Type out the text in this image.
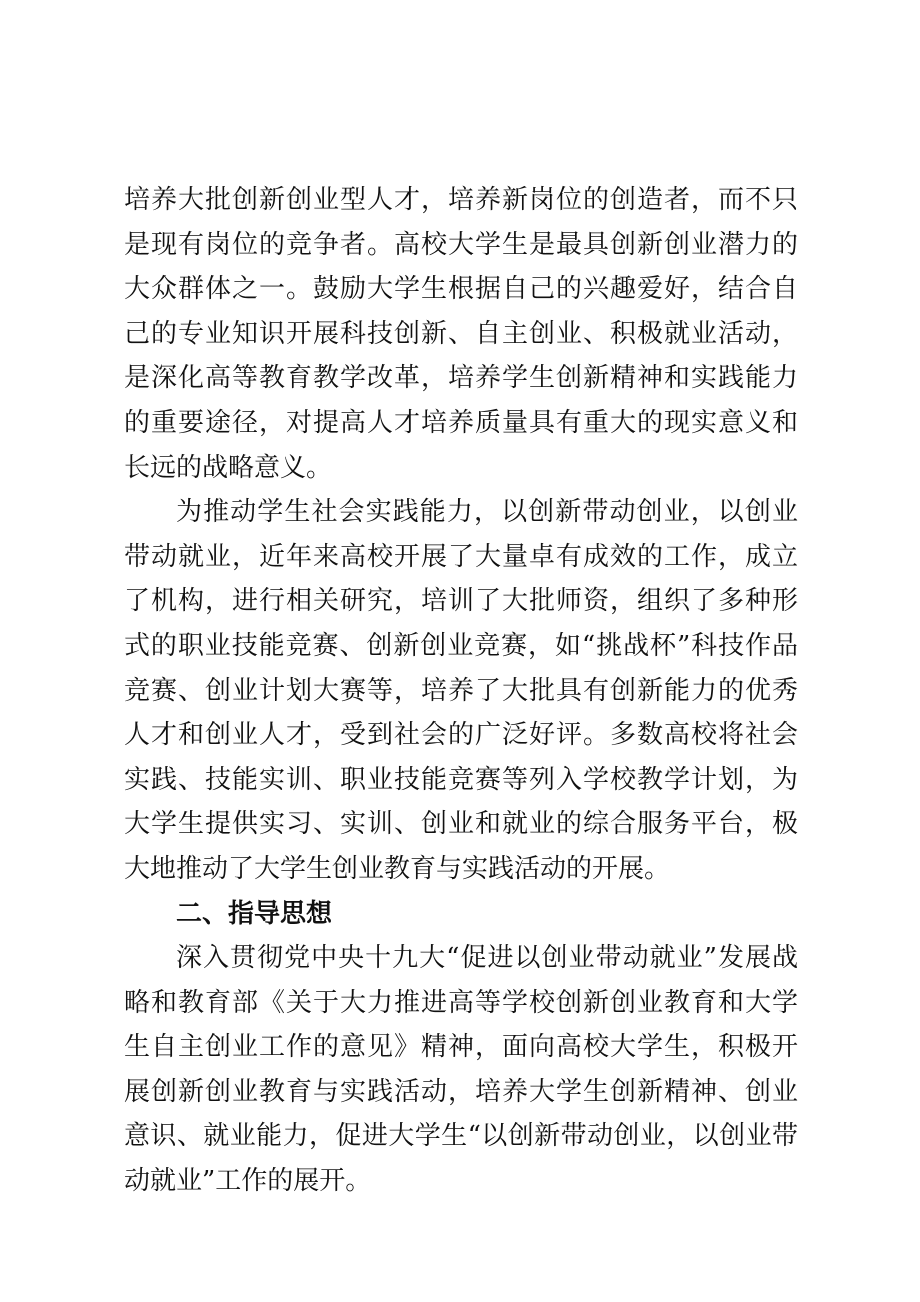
培养大批创新创业型人才，培养新岗位的创造者，而不只是现有岗位的竞争者。高校大学生是最具创新创业潜力的大众群体之一。鼓励大学生根据自己的兴趣爱好，结合自己的专业知识开展科技创新、自主创业、积极就业活动，是深化高等教育教学改革，培养学生创新精神和实践能力的重要途径，对提高人才培养质量具有重大的现实意义和长远的战略意义。

为推动学生社会实践能力，以创新带动创业，以创业带动就业，近年来高校开展了大量卓有成效的工作，成立了机构，进行相关研究，培训了大批师资，组织了多种形式的职业技能竞赛、创新创业竞赛，如“挑战杯”科技作品竞赛、创业计划大赛等，培养了大批具有创新能力的优秀人才和创业人才，受到社会的广泛好评。多数高校将社会实践、技能实训、职业技能竞赛等列入学校教学计划，为大学生提供实习、实训、创业和就业的综合服务平台，极大地推动了大学生创业教育与实践活动的开展。

二、指导思想

深入贯彻党中央十九大“促进以创业带动就业”发展战略和教育部《关于大力推进高等学校创新创业教育和大学生自主创业工作的意见》精神，面向高校大学生，积极开展创新创业教育与实践活动，培养大学生创新精神、创业意识、就业能力，促进大学生“以创新带动创业，以创业带动就业”工作的展开。
